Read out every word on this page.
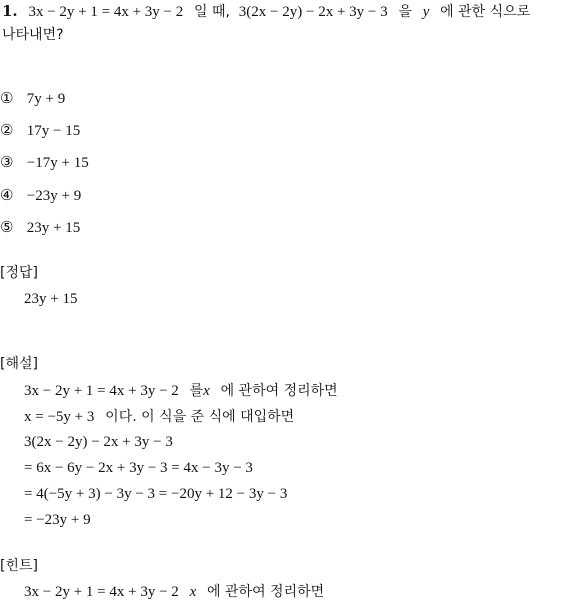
1. 3x − 2y + 1 = 4x + 3y − 2 일 때, 3(2x − 2y) − 2x + 3y − 3 을 y 에 관한 식으로
나타내면?
① 7y + 9
② 17y − 15
③ −17y + 15
④ −23y + 9
⑤ 23y + 15
[정답]
23y + 15
[해설]
3x − 2y + 1 = 4x + 3y − 2 를x 에 관하여 정리하면
x = −5y + 3 이다. 이 식을 준 식에 대입하면
3(2x − 2y) − 2x + 3y − 3
= 6x − 6y − 2x + 3y − 3 = 4x − 3y − 3
= 4(−5y + 3) − 3y − 3 = −20y + 12 − 3y − 3
= −23y + 9
[힌트]
3x − 2y + 1 = 4x + 3y − 2 x 에 관하여 정리하면
